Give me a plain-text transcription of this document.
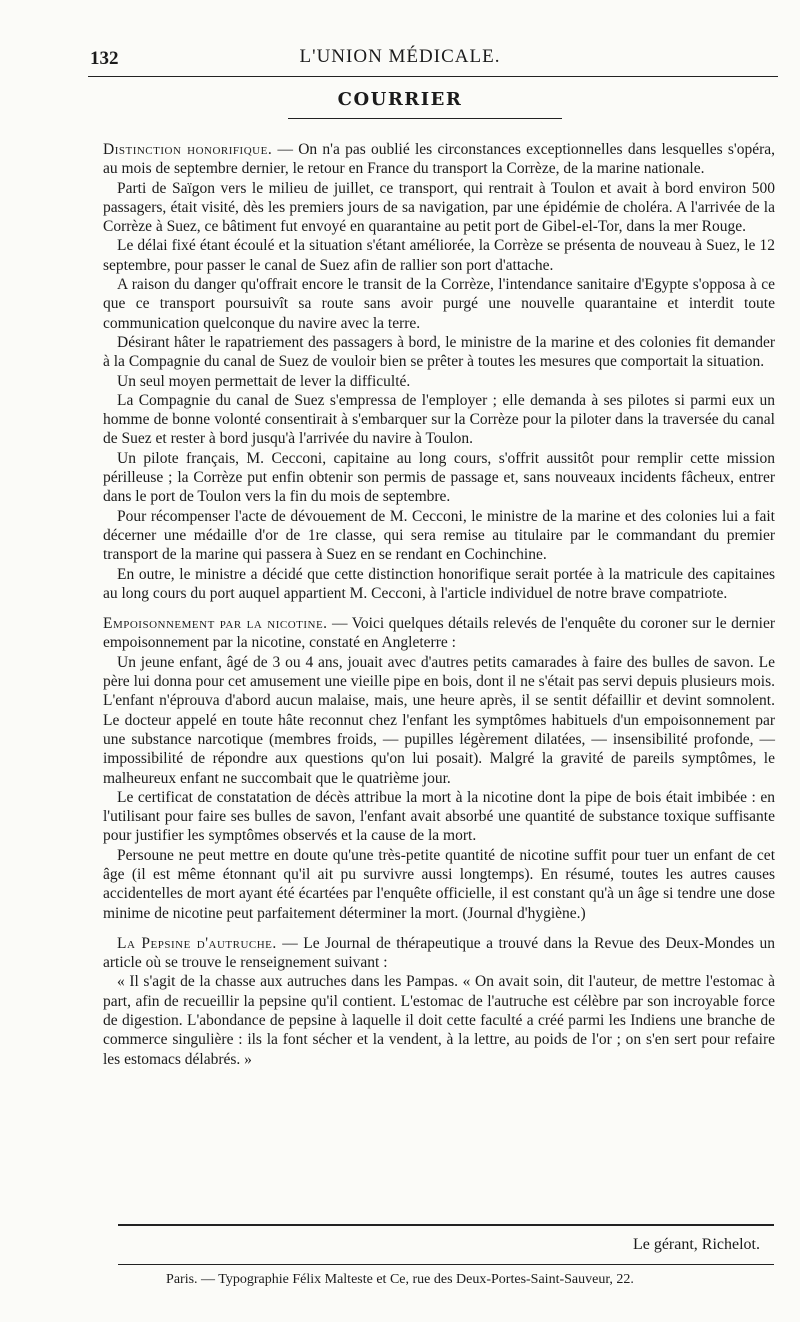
132	L'UNION MÉDICALE.
COURRIER

Distinction honorifique. — On n'a pas oublié les circonstances exceptionnelles dans lesquelles s'opéra, au mois de septembre dernier, le retour en France du transport la Corrèze, de la marine nationale.

Parti de Saïgon vers le milieu de juillet, ce transport, qui rentrait à Toulon et avait à bord environ 500 passagers, était visité, dès les premiers jours de sa navigation, par une épidémie de choléra. A l'arrivée de la Corrèze à Suez, ce bâtiment fut envoyé en quarantaine au petit port de Gibel-el-Tor, dans la mer Rouge.

Le délai fixé étant écoulé et la situation s'étant améliorée, la Corrèze se présenta de nouveau à Suez, le 12 septembre, pour passer le canal de Suez afin de rallier son port d'attache.

A raison du danger qu'offrait encore le transit de la Corrèze, l'intendance sanitaire d'Egypte s'opposa à ce que ce transport poursuivît sa route sans avoir purgé une nouvelle quarantaine et interdit toute communication quelconque du navire avec la terre.

Désirant hâter le rapatriement des passagers à bord, le ministre de la marine et des colonies fit demander à la Compagnie du canal de Suez de vouloir bien se prêter à toutes les mesures que comportait la situation.

Un seul moyen permettait de lever la difficulté.

La Compagnie du canal de Suez s'empressa de l'employer ; elle demanda à ses pilotes si parmi eux un homme de bonne volonté consentirait à s'embarquer sur la Corrèze pour la piloter dans la traversée du canal de Suez et rester à bord jusqu'à l'arrivée du navire à Toulon.

Un pilote français, M. Cecconi, capitaine au long cours, s'offrit aussitôt pour remplir cette mission périlleuse ; la Corrèze put enfin obtenir son permis de passage et, sans nouveaux incidents fâcheux, entrer dans le port de Toulon vers la fin du mois de septembre.

Pour récompenser l'acte de dévouement de M. Cecconi, le ministre de la marine et des colonies lui a fait décerner une médaille d'or de 1re classe, qui sera remise au titulaire par le commandant du premier transport de la marine qui passera à Suez en se rendant en Cochinchine.

En outre, le ministre a décidé que cette distinction honorifique serait portée à la matricule des capitaines au long cours du port auquel appartient M. Cecconi, à l'article individuel de notre brave compatriote.

Empoisonnement par la nicotine. — Voici quelques détails relevés de l'enquête du coroner sur le dernier empoisonnement par la nicotine, constaté en Angleterre :

Un jeune enfant, âgé de 3 ou 4 ans, jouait avec d'autres petits camarades à faire des bulles de savon. Le père lui donna pour cet amusement une vieille pipe en bois, dont il ne s'était pas servi depuis plusieurs mois. L'enfant n'éprouva d'abord aucun malaise, mais, une heure après, il se sentit défaillir et devint somnolent. Le docteur appelé en toute hâte reconnut chez l'enfant les symptômes habituels d'un empoisonnement par une substance narcotique (membres froids, — pupilles légèrement dilatées, — insensibilité profonde, — impossibilité de répondre aux questions qu'on lui posait). Malgré la gravité de pareils symptômes, le malheureux enfant ne succombait que le quatrième jour.

Le certificat de constatation de décès attribue la mort à la nicotine dont la pipe de bois était imbibée : en l'utilisant pour faire ses bulles de savon, l'enfant avait absorbé une quantité de substance toxique suffisante pour justifier les symptômes observés et la cause de la mort.

Persoune ne peut mettre en doute qu'une très-petite quantité de nicotine suffit pour tuer un enfant de cet âge (il est même étonnant qu'il ait pu survivre aussi longtemps). En résumé, toutes les autres causes accidentelles de mort ayant été écartées par l'enquête officielle, il est constant qu'à un âge si tendre une dose minime de nicotine peut parfaitement déterminer la mort. (Journal d'hygiène.)

La Pepsine d'autruche. — Le Journal de thérapeutique a trouvé dans la Revue des Deux-Mondes un article où se trouve le renseignement suivant :

« Il s'agit de la chasse aux autruches dans les Pampas. « On avait soin, dit l'auteur, de mettre l'estomac à part, afin de recueillir la pepsine qu'il contient. L'estomac de l'autruche est célèbre par son incroyable force de digestion. L'abondance de pepsine à laquelle il doit cette faculté a créé parmi les Indiens une branche de commerce singulière : ils la font sécher et la vendent, à la lettre, au poids de l'or ; on s'en sert pour refaire les estomacs délabrés. »

Le gérant, Richelot.
Paris. — Typographie Félix Malteste et Ce, rue des Deux-Portes-Saint-Sauveur, 22.
